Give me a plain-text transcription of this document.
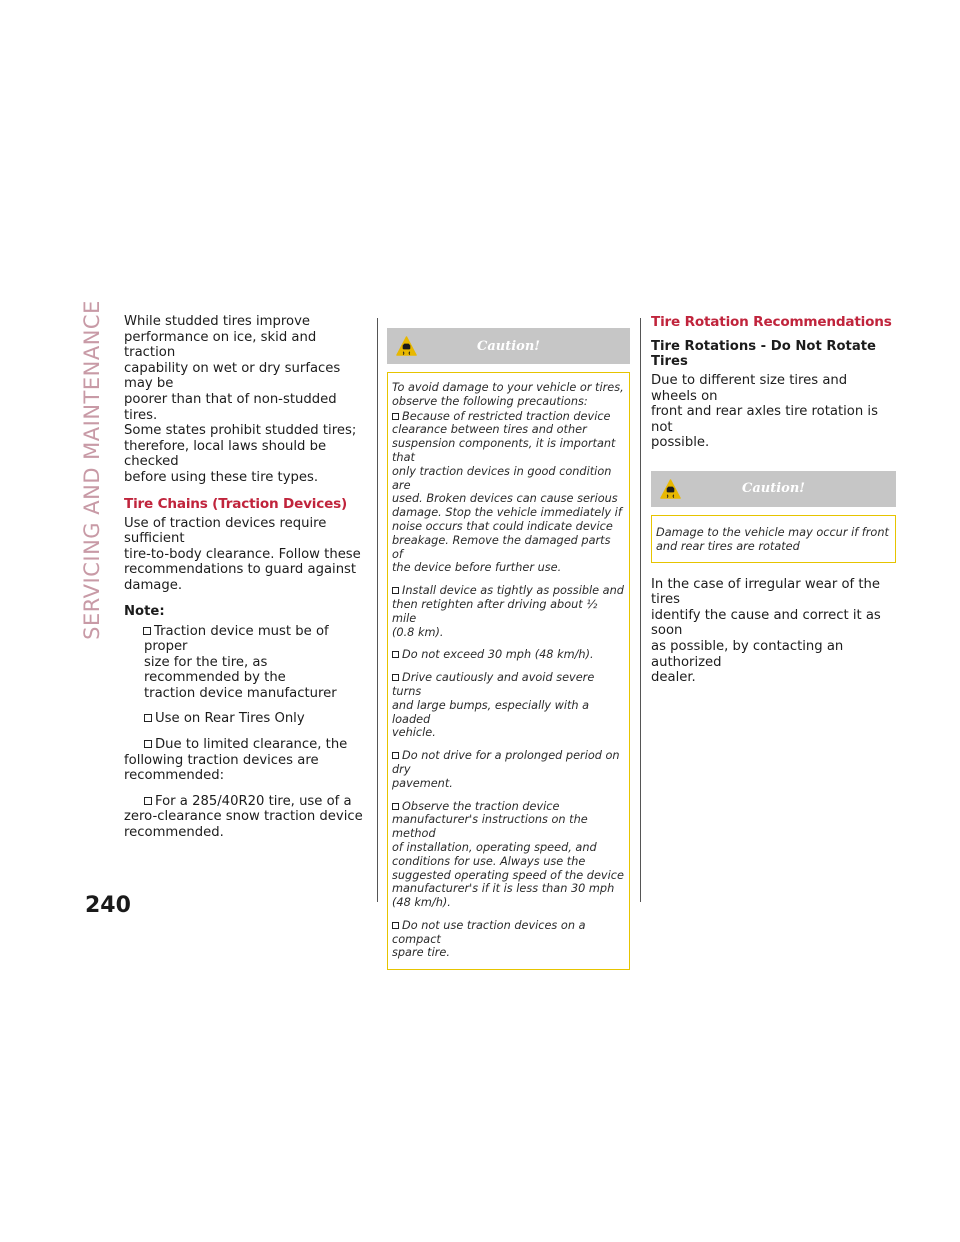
SERVICING AND MAINTENANCE While studded tires improve
performance on ice, skid and traction
capability on wet or dry surfaces may be
poorer than that of non-studded tires.
Some states prohibit studded tires;
therefore, local laws should be checked
before using these tire types.

Tire Chains (Traction Devices)

Use of traction devices require sufficient
tire-to-body clearance. Follow these
recommendations to guard against
damage.

Note:
Traction device must be of proper
size for the tire, as recommended by the
traction device manufacturer
Use on Rear Tires Only
Due to limited clearance, the
following traction devices are
recommended:
For a 285/40R20 tire, use of a
zero-clearance snow traction device
recommended.
Caution!
To avoid damage to your vehicle or tires,
observe the following precautions:
Because of restricted traction device
clearance between tires and other
suspension components, it is important that
only traction devices in good condition are
used. Broken devices can cause serious
damage. Stop the vehicle immediately if
noise occurs that could indicate device
breakage. Remove the damaged parts of
the device before further use.
Install device as tightly as possible and
then retighten after driving about ½ mile
(0.8 km).
Do not exceed 30 mph (48 km/h).
Drive cautiously and avoid severe turns
and large bumps, especially with a loaded
vehicle.
Do not drive for a prolonged period on dry
pavement.
Observe the traction device
manufacturer's instructions on the method
of installation, operating speed, and
conditions for use. Always use the
suggested operating speed of the device
manufacturer's if it is less than 30 mph
(48 km/h).
Do not use traction devices on a compact
spare tire.
Tire Rotation Recommendations
Tire Rotations - Do Not Rotate Tires

Due to different size tires and wheels on
front and rear axles tire rotation is not
possible.

Caution!
Damage to the vehicle may occur if front
and rear tires are rotated

In the case of irregular wear of the tires
identify the cause and correct it as soon
as possible, by contacting an authorized
dealer.

240
